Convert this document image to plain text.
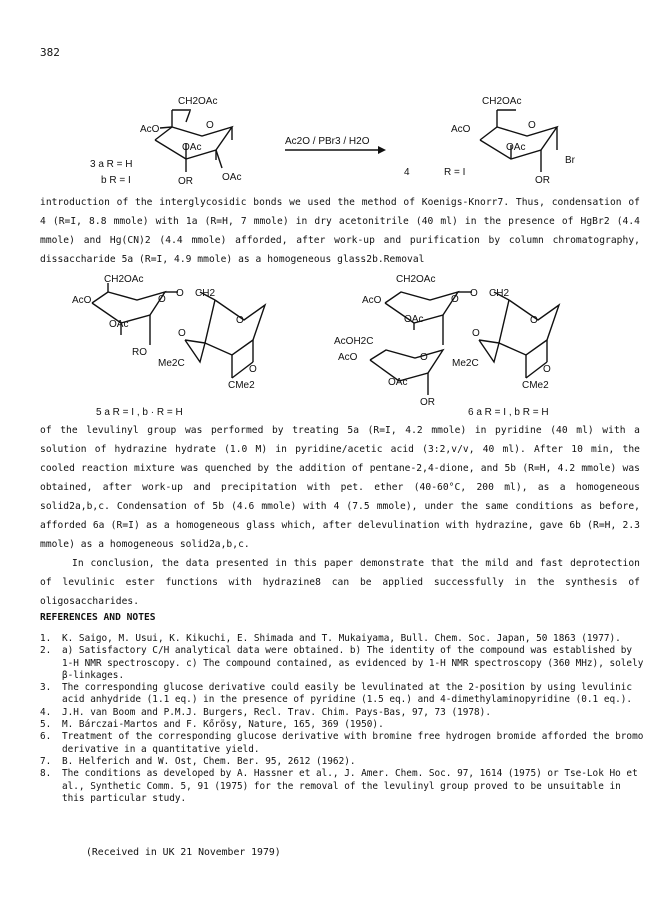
382
CH2OAc
AcO	O
OAc
OAc
OR
3 a R = H
b R = I
Ac2O / PBr3 / H2O
CH2OAc
AcO	O
OAc
Br
OR
4	R = I

introduction of the interglycosidic bonds we used the method of Koenigs-Knorr7. Thus, condensation of 4 (R=I, 8.8 mmole) with 1a (R=H, 7 mmole) in dry acetonitrile (40 ml) in the presence of HgBr2 (4.4 mmole) and Hg(CN)2 (4.4 mmole) afforded, after work-up and purification by column chromatography, dissaccharide 5a (R=I, 4.9 mmole) as a homogeneous glass2b.Removal

CH2OAc
AcO	O
O CH2
OAc
RO
O
O
Me2C
O
CMe2
5 a R = I , b · R = H
CH2OAc
AcO	O
O CH2
OAc
AcOH2C
AcO	O
OAc
O
O
Me2C
O
CMe2
OR
6 a R = I , b R = H

of the levulinyl group was performed by treating 5a (R=I, 4.2 mmole) in pyridine (40 ml) with a solution of hydrazine hydrate (1.0 M) in pyridine/acetic acid (3:2,v/v, 40 ml). After 10 min, the cooled reaction mixture was quenched by the addition of pentane-2,4-dione, and 5b (R=H, 4.2 mmole) was obtained, after work-up and precipitation with pet. ether (40-60°C, 200 ml), as a homogeneous solid2a,b,c. Condensation of 5b (4.6 mmole) with 4 (7.5 mmole), under the same conditions as before, afforded 6a (R=I) as a homogeneous glass which, after delevulination with hydrazine, gave 6b (R=H, 2.3 mmole) as a homogeneous solid2a,b,c.

In conclusion, the data presented in this paper demonstrate that the mild and fast deprotection of levulinic ester functions with hydrazine8 can be applied successfully in the synthesis of oligosaccharides.

REFERENCES AND NOTES
1.	K. Saigo, M. Usui, K. Kikuchi, E. Shimada and T. Mukaiyama, Bull. Chem. Soc. Japan, 50 1863 (1977).
2.	a) Satisfactory C/H analytical data were obtained. b) The identity of the compound was established by 1-H NMR spectroscopy. c) The compound contained, as evidenced by 1-H NMR spectroscopy (360 MHz), solely β-linkages.
3.	The corresponding glucose derivative could easily be levulinated at the 2-position by using levulinic acid anhydride (1.1 eq.) in the presence of pyridine (1.5 eq.) and 4-dimethylaminopyridine (0.1 eq.).
4.	J.H. van Boom and P.M.J. Burgers, Recl. Trav. Chim. Pays-Bas, 97, 73 (1978).
5.	M. Bárczai-Martos and F. Kőrösy, Nature, 165, 369 (1950).
6.	Treatment of the corresponding glucose derivative with bromine free hydrogen bromide afforded the bromo derivative in a quantitative yield.
7.	B. Helferich and W. Ost, Chem. Ber. 95, 2612 (1962).
8.	The conditions as developed by A. Hassner et al., J. Amer. Chem. Soc. 97, 1614 (1975) or Tse-Lok Ho et al., Synthetic Comm. 5, 91 (1975) for the removal of the levulinyl group proved to be unsuitable in this particular study.
(Received in UK 21 November 1979)
